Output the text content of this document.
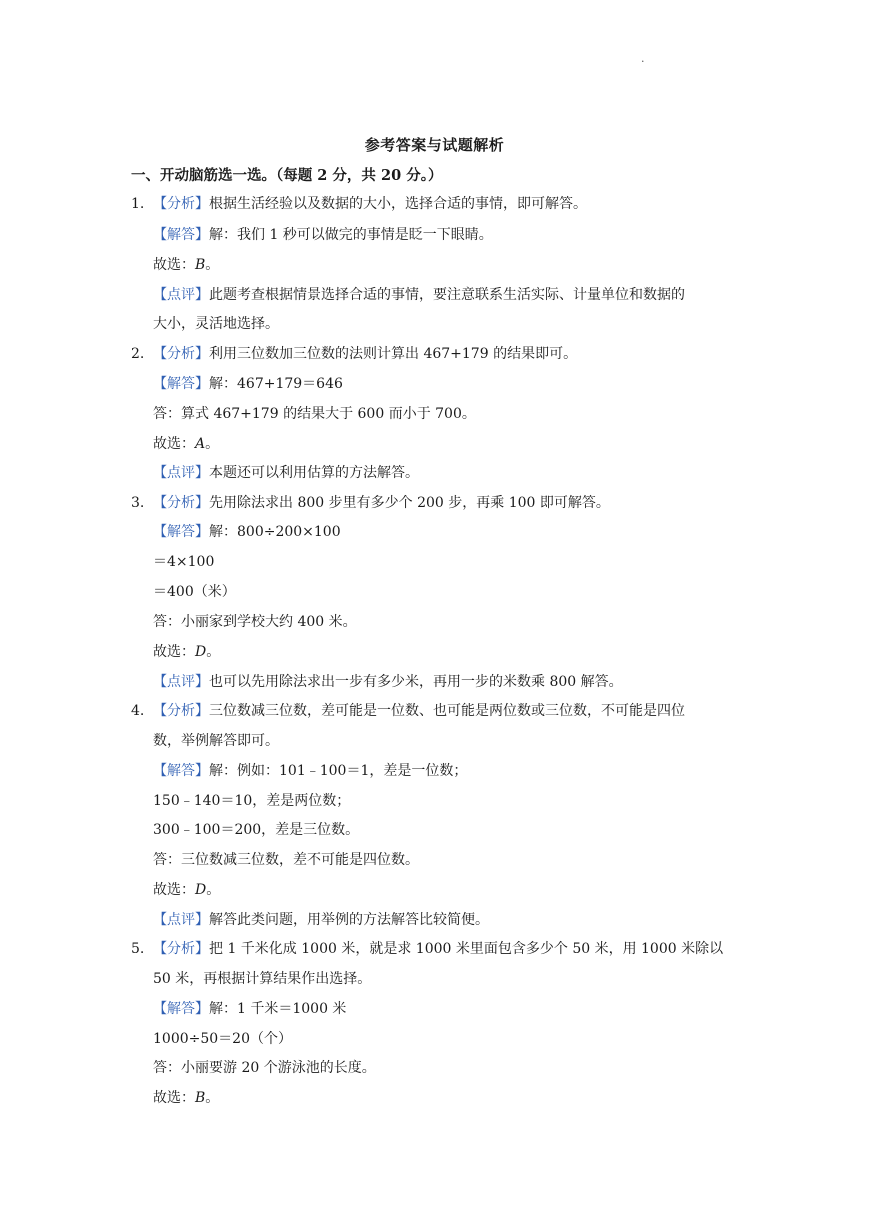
.
参考答案与试题解析
一、开动脑筋选一选。（每题 2 分，共 20 分。）
1. 【分析】根据生活经验以及数据的大小，选择合适的事情，即可解答。
【解答】解：我们 1 秒可以做完的事情是眨一下眼睛。
故选：B。
【点评】此题考查根据情景选择合适的事情，要注意联系生活实际、计量单位和数据的
大小，灵活地选择。
2. 【分析】利用三位数加三位数的法则计算出 467+179 的结果即可。
【解答】解：467+179＝646
答：算式 467+179 的结果大于 600 而小于 700。
故选：A。
【点评】本题还可以利用估算的方法解答。
3. 【分析】先用除法求出 800 步里有多少个 200 步，再乘 100 即可解答。
【解答】解：800÷200×100
＝4×100
＝400（米）
答：小丽家到学校大约 400 米。
故选：D。
【点评】也可以先用除法求出一步有多少米，再用一步的米数乘 800 解答。
4. 【分析】三位数减三位数，差可能是一位数、也可能是两位数或三位数，不可能是四位
数，举例解答即可。
【解答】解：例如：101﹣100＝1，差是一位数；
150﹣140＝10，差是两位数；
300﹣100＝200，差是三位数。
答：三位数减三位数，差不可能是四位数。
故选：D。
【点评】解答此类问题，用举例的方法解答比较简便。
5. 【分析】把 1 千米化成 1000 米，就是求 1000 米里面包含多少个 50 米，用 1000 米除以
50 米，再根据计算结果作出选择。
【解答】解：1 千米＝1000 米
1000÷50＝20（个）
答：小丽要游 20 个游泳池的长度。
故选：B。
